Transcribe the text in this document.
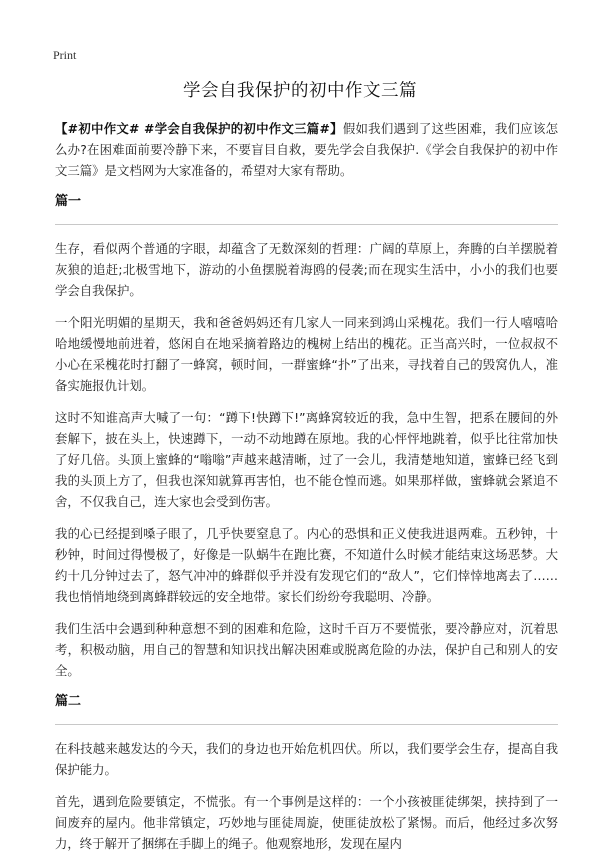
Print
学会自我保护的初中作文三篇

【#初中作文# #学会自我保护的初中作文三篇#】假如我们遇到了这些困难，我们应该怎么办?在困难面前要冷静下来，不要盲目自救，要先学会自我保护.《学会自我保护的初中作文三篇》是文档网为大家准备的，希望对大家有帮助。

篇一

生存，看似两个普通的字眼，却蕴含了无数深刻的哲理：广阔的草原上，奔腾的白羊摆脱着灰狼的追赶;北极雪地下，游动的小鱼摆脱着海鸥的侵袭;而在现实生活中，小小的我们也要学会自我保护。

一个阳光明媚的星期天，我和爸爸妈妈还有几家人一同来到鸿山采槐花。我们一行人嘻嘻哈哈地缓慢地前进着，悠闲自在地采摘着路边的槐树上结出的槐花。正当高兴时，一位叔叔不小心在采槐花时打翻了一蜂窝，顿时间，一群蜜蜂“扑”了出来，寻找着自己的毁窝仇人，准备实施报仇计划。

这时不知谁高声大喊了一句：“蹲下!快蹲下!”离蜂窝较近的我，急中生智，把系在腰间的外套解下，披在头上，快速蹲下，一动不动地蹲在原地。我的心怦怦地跳着，似乎比往常加快了好几倍。头顶上蜜蜂的“嗡嗡”声越来越清晰，过了一会儿，我清楚地知道，蜜蜂已经飞到我的头顶上方了，但我也深知就算再害怕，也不能仓惶而逃。如果那样做，蜜蜂就会紧追不舍，不仅我自己，连大家也会受到伤害。

我的心已经提到嗓子眼了，几乎快要窒息了。内心的恐惧和正义使我进退两难。五秒钟，十秒钟，时间过得慢极了，好像是一队蜗牛在跑比赛，不知道什么时候才能结束这场恶梦。大约十几分钟过去了，怒气冲冲的蜂群似乎并没有发现它们的“敌人”，它们悻悻地离去了……我也悄悄地绕到离蜂群较远的安全地带。家长们纷纷夸我聪明、冷静。

我们生活中会遇到种种意想不到的困难和危险，这时千百万不要慌张，要冷静应对，沉着思考，积极动脑，用自己的智慧和知识找出解决困难或脱离危险的办法，保护自己和别人的安全。

篇二

在科技越来越发达的今天，我们的身边也开始危机四伏。所以，我们要学会生存，提高自我保护能力。

首先，遇到危险要镇定，不慌张。有一个事例是这样的：一个小孩被匪徒绑架，挟持到了一间废弃的屋内。他非常镇定，巧妙地与匪徒周旋，使匪徒放松了紧惕。而后，他经过多次努力，终于解开了捆绑在手脚上的绳子。他观察地形，发现在屋内
